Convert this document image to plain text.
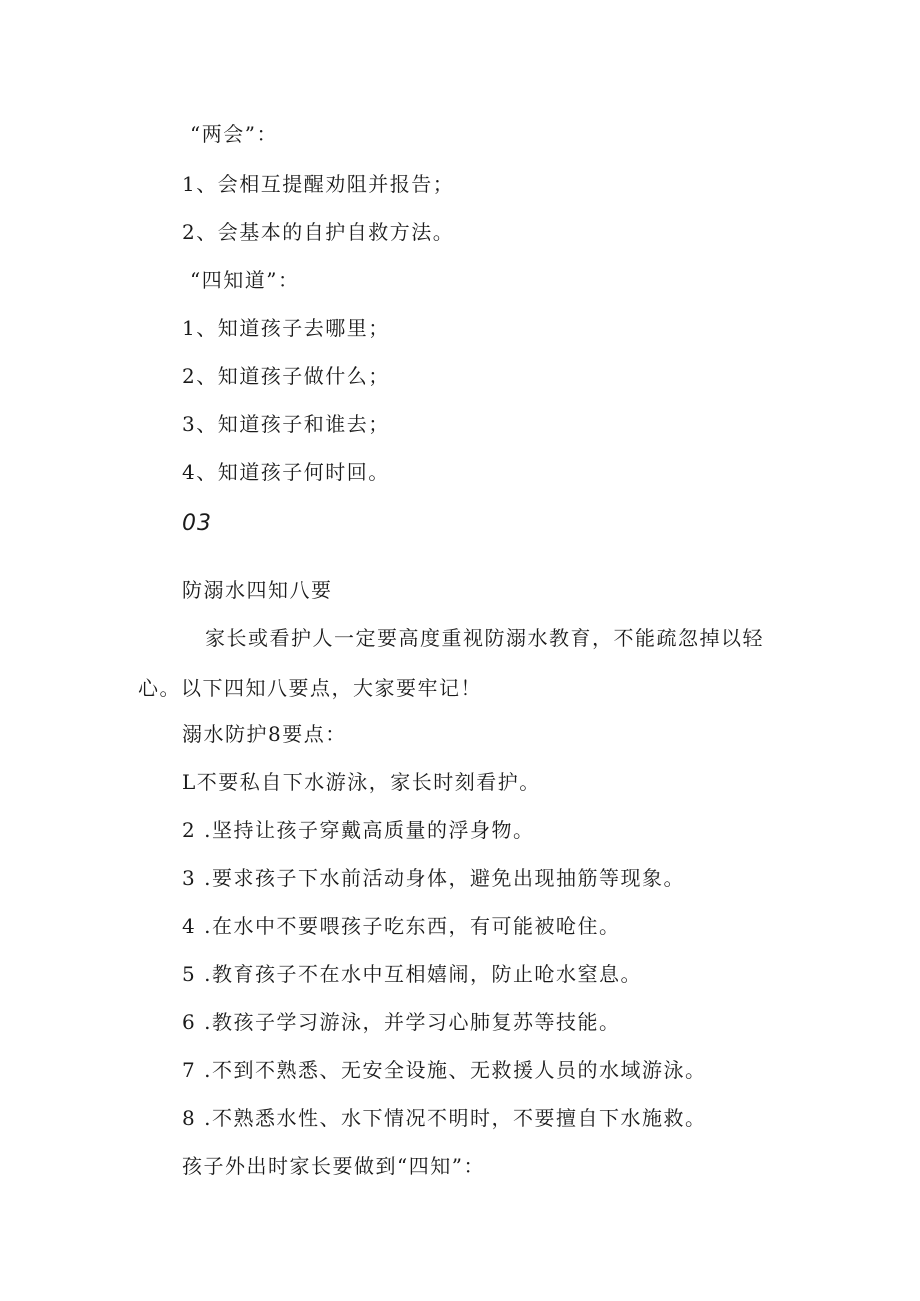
“两会”：
1、会相互提醒劝阻并报告；
2、会基本的自护自救方法。
“四知道”：
1、知道孩子去哪里；
2、知道孩子做什么；
3、知道孩子和谁去；
4、知道孩子何时回。
03
防溺水四知八要
家长或看护人一定要高度重视防溺水教育，不能疏忽掉以轻
心。以下四知八要点，大家要牢记！
溺水防护8要点：
L不要私自下水游泳，家长时刻看护。
2 .坚持让孩子穿戴高质量的浮身物。
3 .要求孩子下水前活动身体，避免出现抽筋等现象。
4 .在水中不要喂孩子吃东西，有可能被呛住。
5 .教育孩子不在水中互相嬉闹，防止呛水窒息。
6 .教孩子学习游泳，并学习心肺复苏等技能。
7 .不到不熟悉、无安全设施、无救援人员的水域游泳。
8 .不熟悉水性、水下情况不明时，不要擅自下水施救。
孩子外出时家长要做到“四知”：
